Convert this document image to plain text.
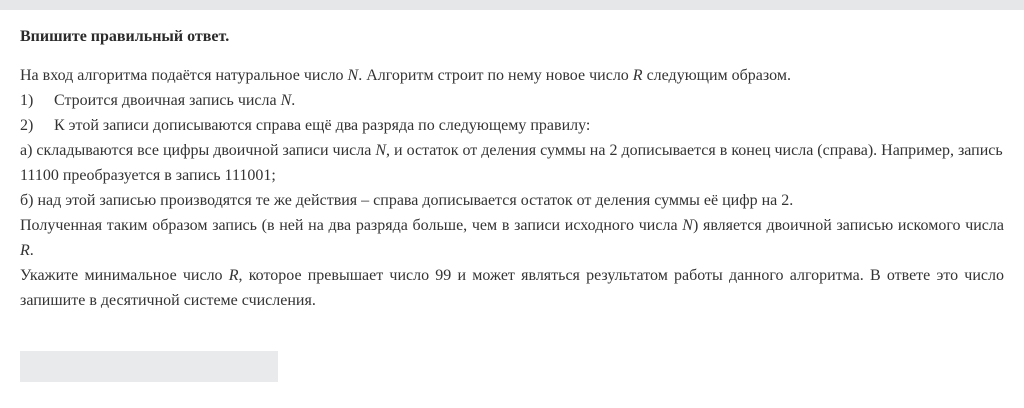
Впишите правильный ответ.

На вход алгоритма подаётся натуральное число N. Алгоритм строит по нему новое число R следующим образом.

1) Строится двоичная запись числа N.

2) К этой записи дописываются справа ещё два разряда по следующему правилу:

а) складываются все цифры двоичной записи числа N, и остаток от деления суммы на 2 дописывается в конец числа (справа). Например, запись 11100 преобразуется в запись 111001;

б) над этой записью производятся те же действия – справа дописывается остаток от деления суммы её цифр на 2.

Полученная таким образом запись (в ней на два разряда больше, чем в записи исходного числа N) является двоичной записью искомого числа R.

Укажите минимальное число R, которое превышает число 99 и может являться результатом работы данного алгоритма. В ответе это число запишите в десятичной системе счисления.
